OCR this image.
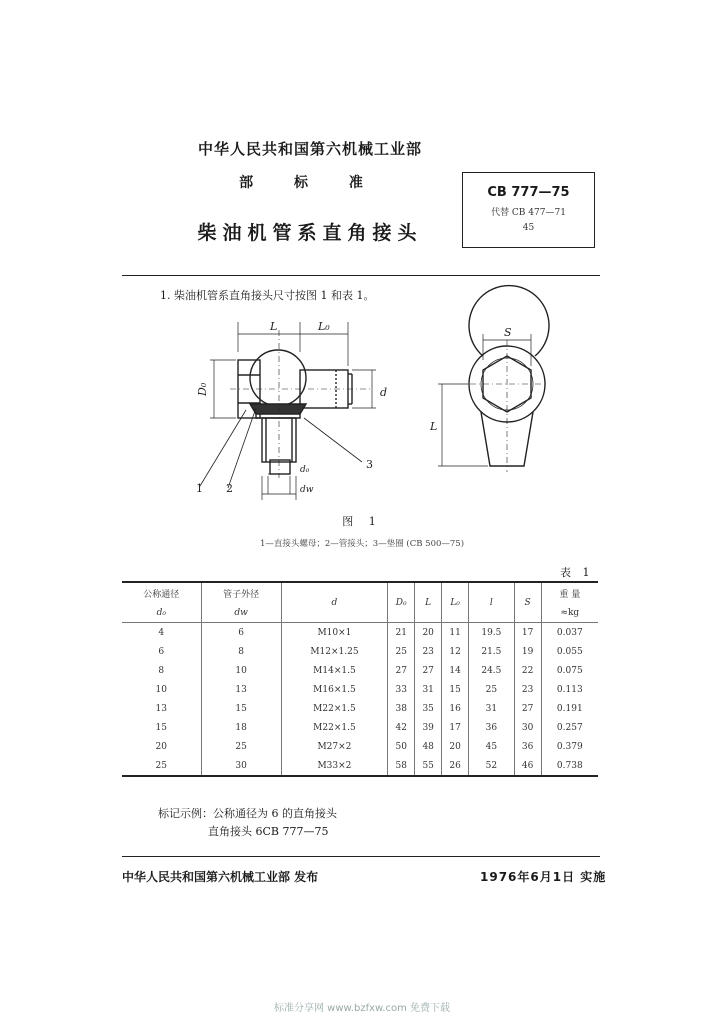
中华人民共和国第六机械工业部
部 标 准
柴油机管系直角接头
CB 777—75
代替 CB 477—71
45
1. 柴油机管系直角接头尺寸按图 1 和表 1。
L	L₀
D₀	d
d₀
dw
S
L
1 2
3
图 1
1—直接头螺母；2—管接头；3—垫圈 (CB 500—75)
表 1
公称通径	管子外径	d	D₀	L	L₀	l	S	重 量
d₀	dw							≈kg

4	6	M10×1	21	20	11	19.5	17	0.037
6	8	M12×1.25	25	23	12	21.5	19	0.055
8	10	M14×1.5	27	27	14	24.5	22	0.075
10	13	M16×1.5	33	31	15	25	23	0.113
13	15	M22×1.5	38	35	16	31	27	0.191
15	18	M22×1.5	42	39	17	36	30	0.257
20	25	M27×2	50	48	20	45	36	0.379
25	30	M33×2	58	55	26	52	46	0.738
标记示例：公称通径为 6 的直角接头
直角接头 6CB 777—75
中华人民共和国第六机械工业部 发布	1976年6月1日 实施
标准分享网 www.bzfxw.com 免费下载
